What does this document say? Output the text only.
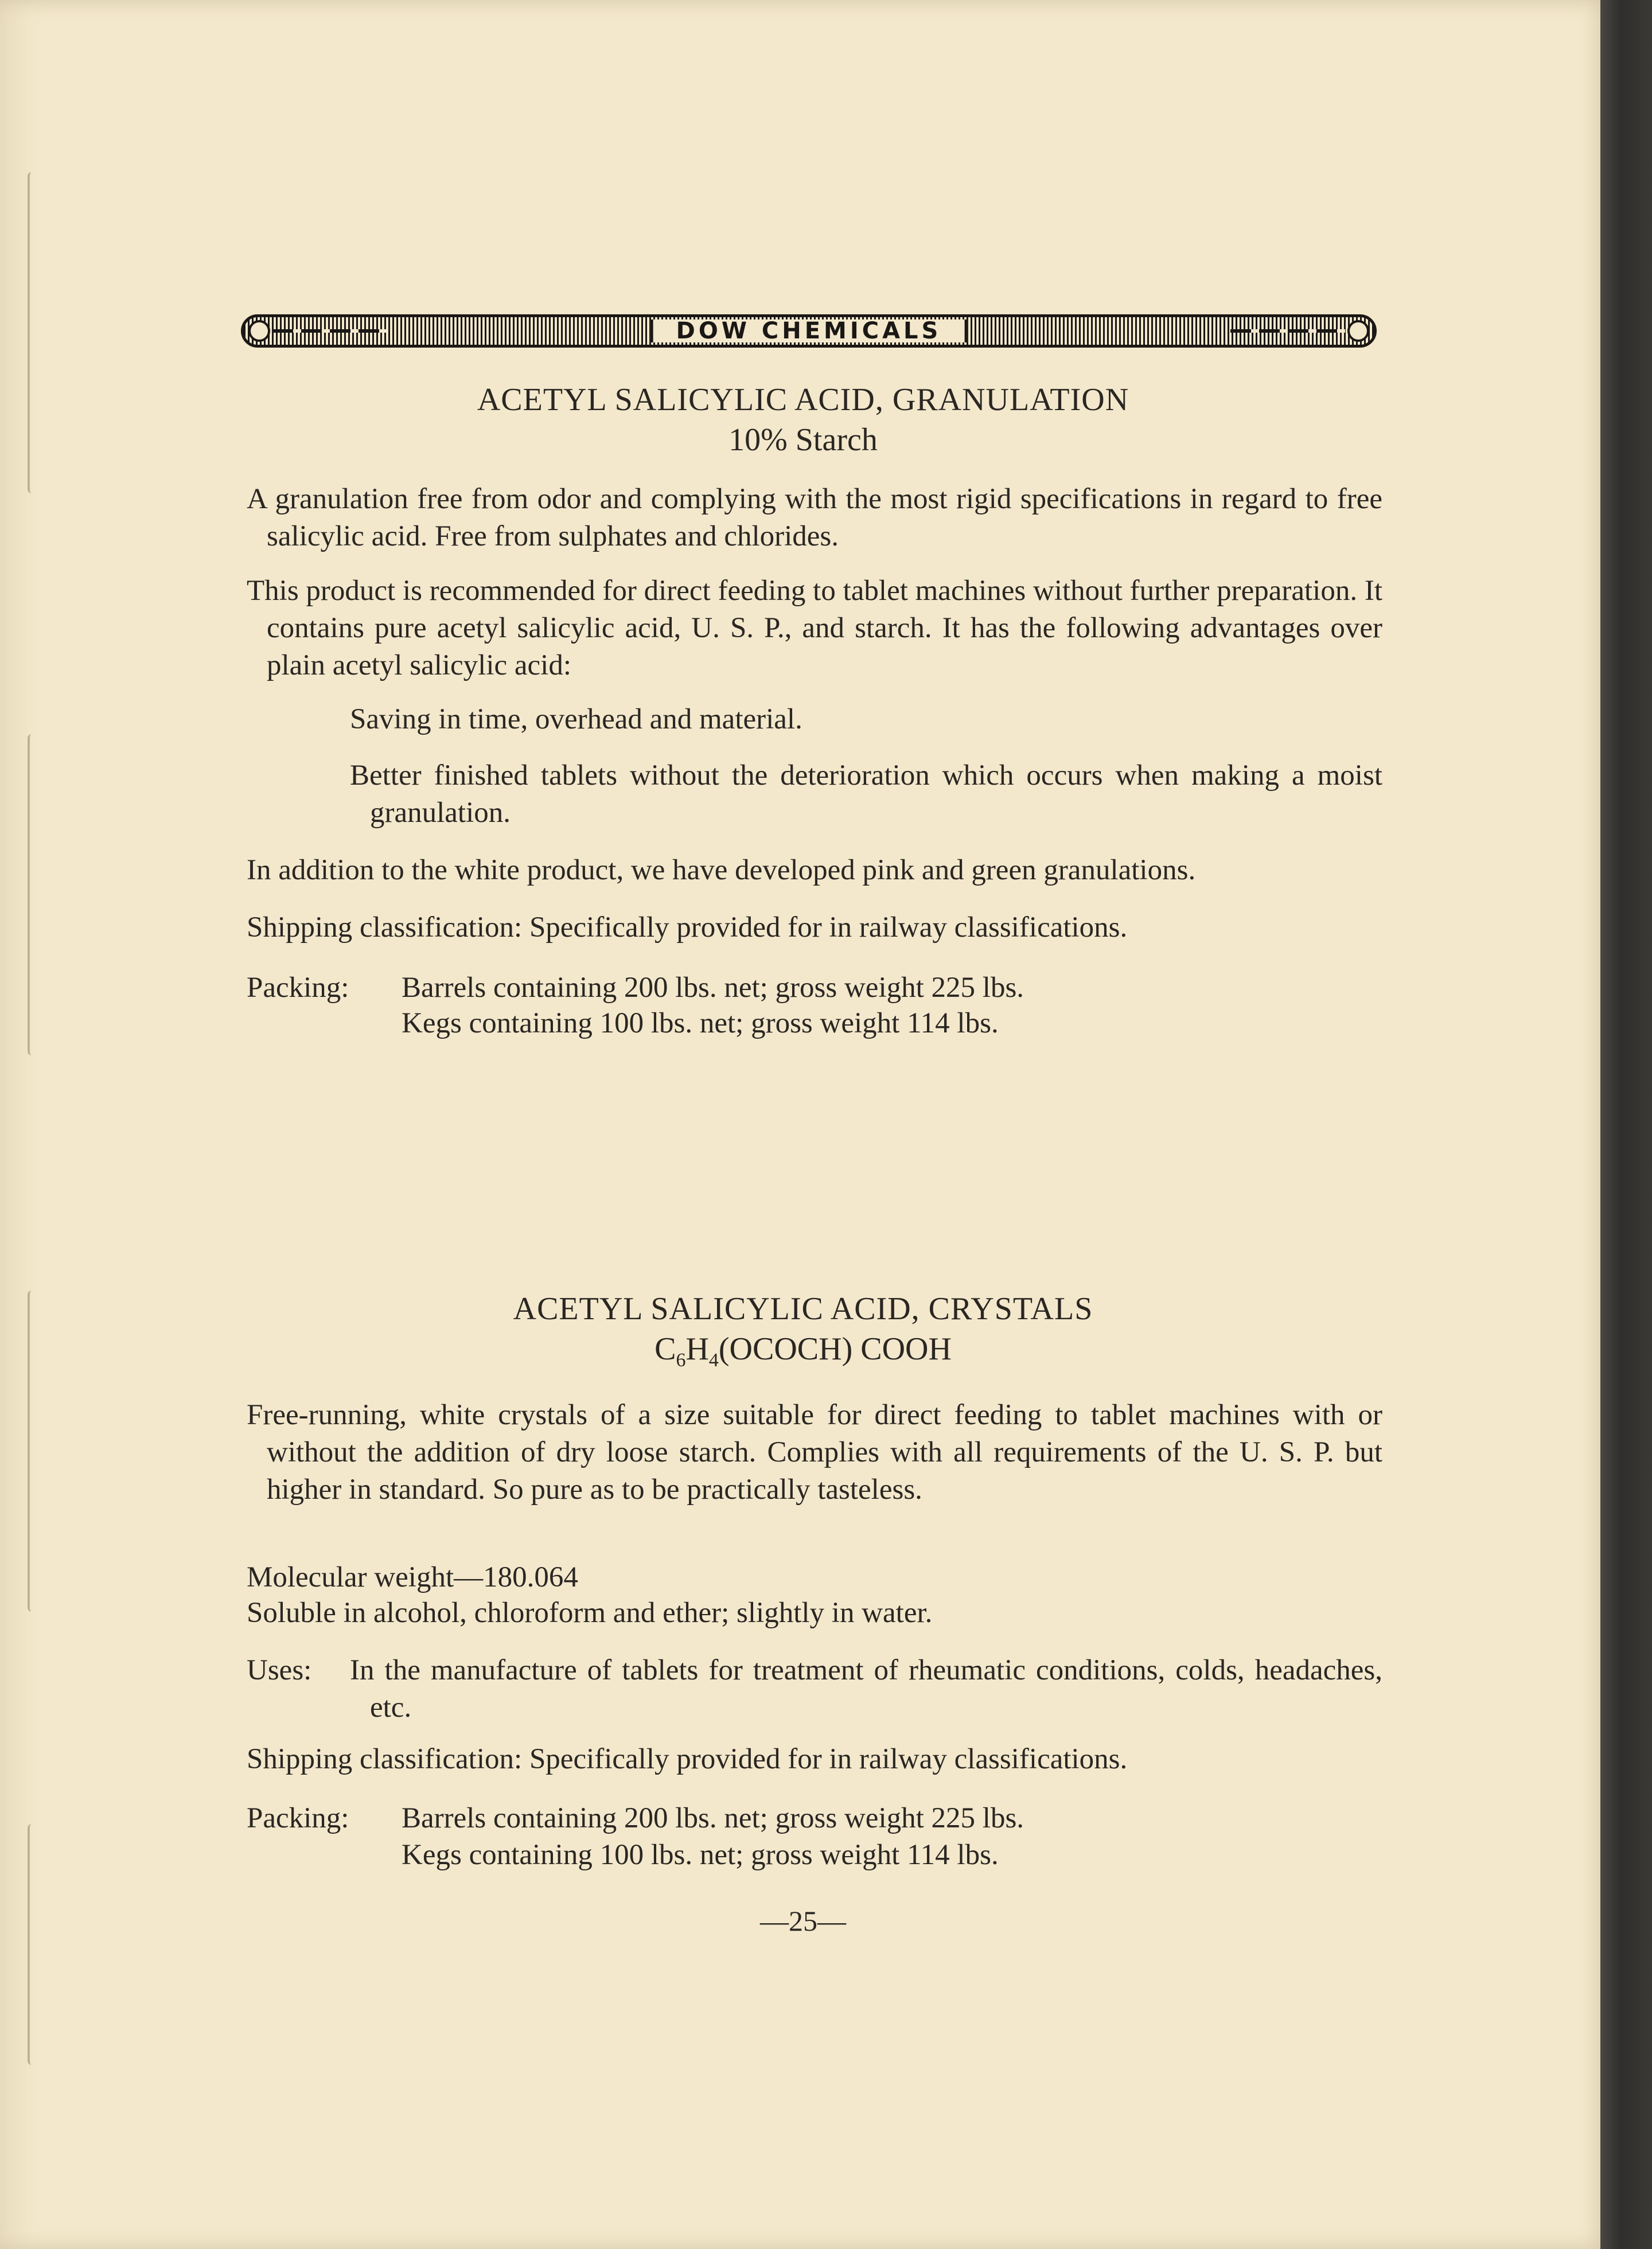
DOW CHEMICALS
ACETYL SALICYLIC ACID, GRANULATION
10% Starch
A granulation free from odor and complying with the most rigid specifications in regard to free salicylic acid. Free from sulphates and chlorides.
This product is recommended for direct feeding to tablet machines without further preparation. It contains pure acetyl salicylic acid, U. S. P., and starch. It has the following advantages over plain acetyl salicylic acid:
Saving in time, overhead and material.
Better finished tablets without the deterioration which occurs when making a moist granulation.
In addition to the white product, we have developed pink and green granulations.
Shipping classification: Specifically provided for in railway classifications.
Packing: Barrels containing 200 lbs. net; gross weight 225 lbs.
Kegs containing 100 lbs. net; gross weight 114 lbs.
ACETYL SALICYLIC ACID, CRYSTALS
$C_6H_4(OCOCH)$ COOH
Free-running, white crystals of a size suitable for direct feeding to tablet machines with or without the addition of dry loose starch. Complies with all requirements of the U. S. P. but higher in standard. So pure as to be practically tasteless.
Molecular weight—180.064
Soluble in alcohol, chloroform and ether; slightly in water.
Uses: In the manufacture of tablets for treatment of rheumatic conditions, colds, headaches, etc.
Shipping classification: Specifically provided for in railway classifications.
Packing: Barrels containing 200 lbs. net; gross weight 225 lbs.
Kegs containing 100 lbs. net; gross weight 114 lbs.
—25—
